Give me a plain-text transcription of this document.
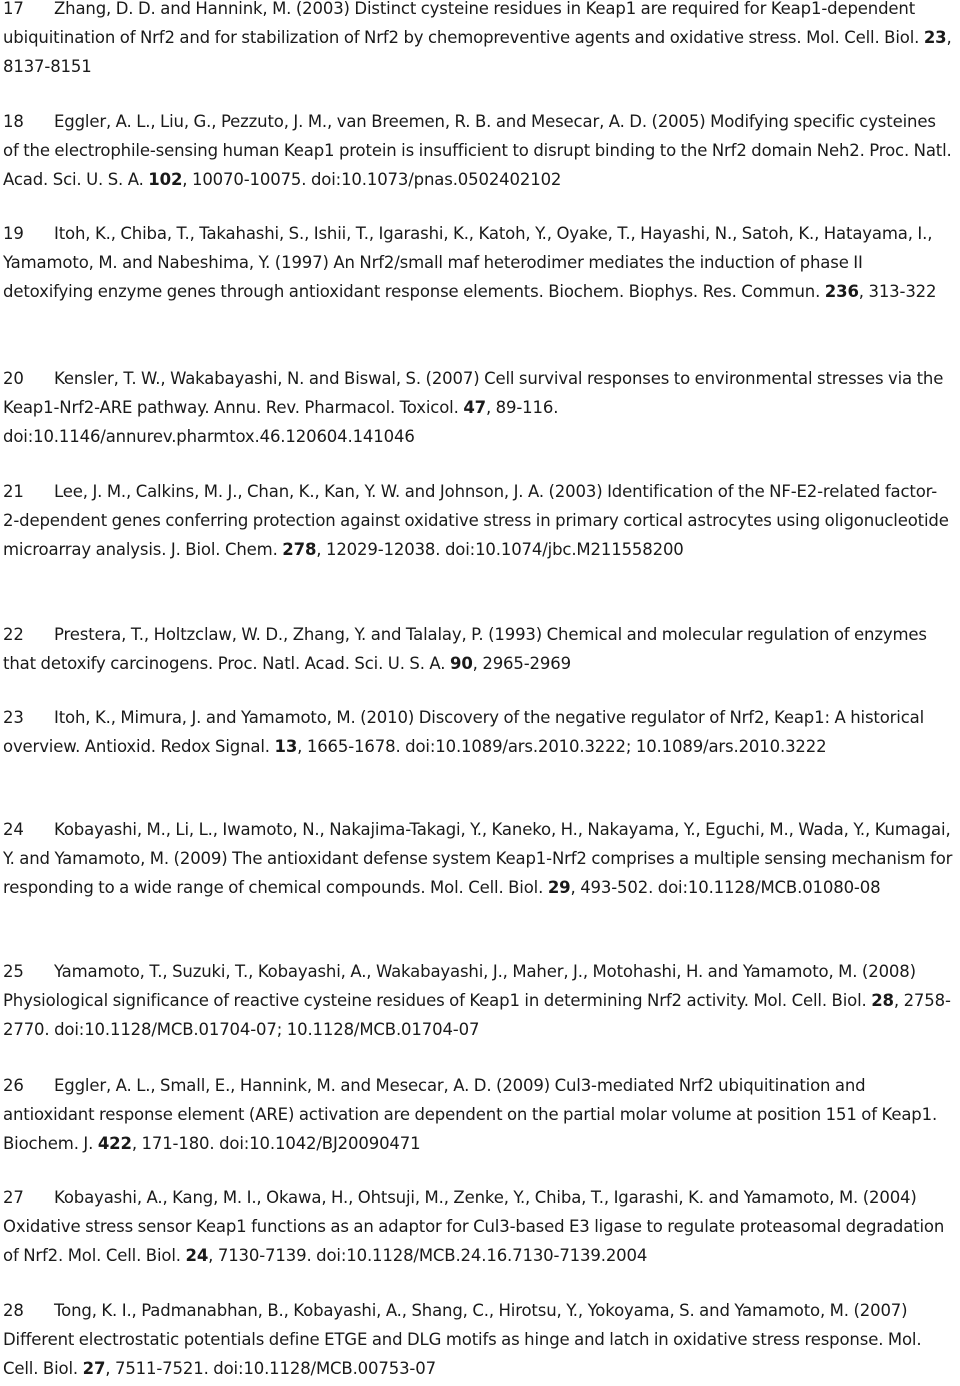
17 Zhang, D. D. and Hannink, M. (2003) Distinct cysteine residues in Keap1 are required for Keap1-dependent ubiquitination of Nrf2 and for stabilization of Nrf2 by chemopreventive agents and oxidative stress. Mol. Cell. Biol. 23, 8137-8151
18 Eggler, A. L., Liu, G., Pezzuto, J. M., van Breemen, R. B. and Mesecar, A. D. (2005) Modifying specific cysteines of the electrophile-sensing human Keap1 protein is insufficient to disrupt binding to the Nrf2 domain Neh2. Proc. Natl. Acad. Sci. U. S. A. 102, 10070-10075. doi:10.1073/pnas.0502402102
19 Itoh, K., Chiba, T., Takahashi, S., Ishii, T., Igarashi, K., Katoh, Y., Oyake, T., Hayashi, N., Satoh, K., Hatayama, I., Yamamoto, M. and Nabeshima, Y. (1997) An Nrf2/small maf heterodimer mediates the induction of phase II detoxifying enzyme genes through antioxidant response elements. Biochem. Biophys. Res. Commun. 236, 313-322
20 Kensler, T. W., Wakabayashi, N. and Biswal, S. (2007) Cell survival responses to environmental stresses via the Keap1-Nrf2-ARE pathway. Annu. Rev. Pharmacol. Toxicol. 47, 89-116. doi:10.1146/annurev.pharmtox.46.120604.141046
21 Lee, J. M., Calkins, M. J., Chan, K., Kan, Y. W. and Johnson, J. A. (2003) Identification of the NF-E2-related factor-2-dependent genes conferring protection against oxidative stress in primary cortical astrocytes using oligonucleotide microarray analysis. J. Biol. Chem. 278, 12029-12038. doi:10.1074/jbc.M211558200
22 Prestera, T., Holtzclaw, W. D., Zhang, Y. and Talalay, P. (1993) Chemical and molecular regulation of enzymes that detoxify carcinogens. Proc. Natl. Acad. Sci. U. S. A. 90, 2965-2969
23 Itoh, K., Mimura, J. and Yamamoto, M. (2010) Discovery of the negative regulator of Nrf2, Keap1: A historical overview. Antioxid. Redox Signal. 13, 1665-1678. doi:10.1089/ars.2010.3222; 10.1089/ars.2010.3222
24 Kobayashi, M., Li, L., Iwamoto, N., Nakajima-Takagi, Y., Kaneko, H., Nakayama, Y., Eguchi, M., Wada, Y., Kumagai, Y. and Yamamoto, M. (2009) The antioxidant defense system Keap1-Nrf2 comprises a multiple sensing mechanism for responding to a wide range of chemical compounds. Mol. Cell. Biol. 29, 493-502. doi:10.1128/MCB.01080-08
25 Yamamoto, T., Suzuki, T., Kobayashi, A., Wakabayashi, J., Maher, J., Motohashi, H. and Yamamoto, M. (2008) Physiological significance of reactive cysteine residues of Keap1 in determining Nrf2 activity. Mol. Cell. Biol. 28, 2758-2770. doi:10.1128/MCB.01704-07; 10.1128/MCB.01704-07
26 Eggler, A. L., Small, E., Hannink, M. and Mesecar, A. D. (2009) Cul3-mediated Nrf2 ubiquitination and antioxidant response element (ARE) activation are dependent on the partial molar volume at position 151 of Keap1. Biochem. J. 422, 171-180. doi:10.1042/BJ20090471
27 Kobayashi, A., Kang, M. I., Okawa, H., Ohtsuji, M., Zenke, Y., Chiba, T., Igarashi, K. and Yamamoto, M. (2004) Oxidative stress sensor Keap1 functions as an adaptor for Cul3-based E3 ligase to regulate proteasomal degradation of Nrf2. Mol. Cell. Biol. 24, 7130-7139. doi:10.1128/MCB.24.16.7130-7139.2004
28 Tong, K. I., Padmanabhan, B., Kobayashi, A., Shang, C., Hirotsu, Y., Yokoyama, S. and Yamamoto, M. (2007) Different electrostatic potentials define ETGE and DLG motifs as hinge and latch in oxidative stress response. Mol. Cell. Biol. 27, 7511-7521. doi:10.1128/MCB.00753-07
